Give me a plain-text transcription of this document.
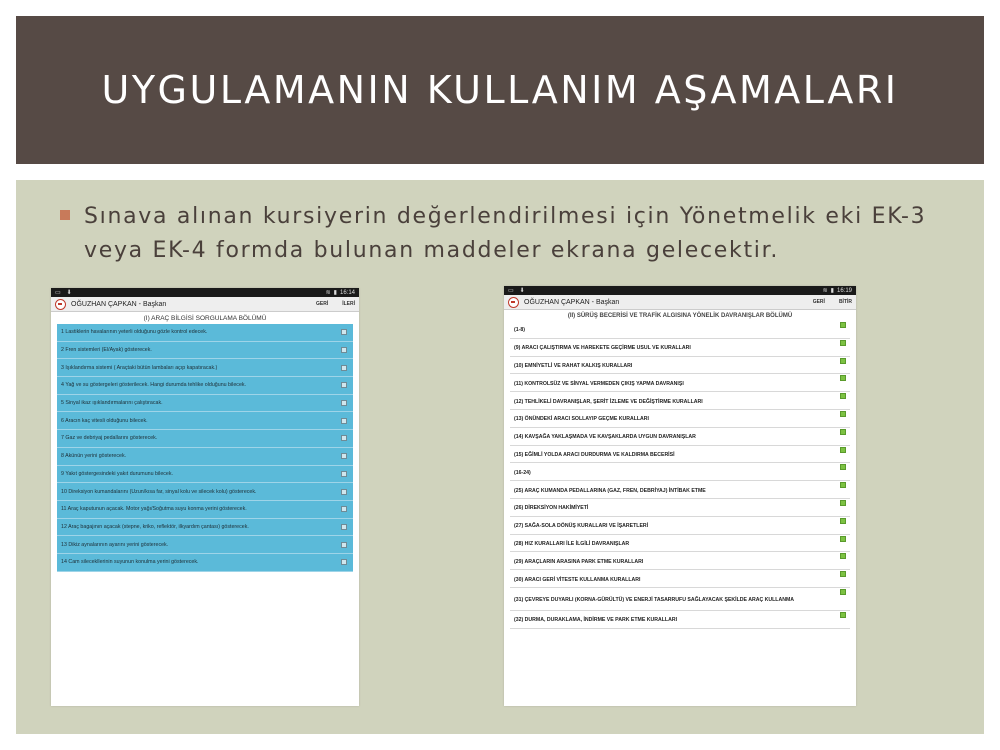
UYGULAMANIN KULLANIM AŞAMALARI

Sınava alınan kursiyerin değerlendirilmesi için Yönetmelik eki EK-3 veya EK-4 formda bulunan maddeler ekrana gelecektir.

▭ ⬇	≋ ▮ 16:14
OĞUZHAN ÇAPKAN - Başkan	GERİ	İLERİ
(I) ARAÇ BİLGİSİ SORGULAMA BÖLÜMÜ
1 Lastiklerin havalarının yeterli olduğunu gözle kontrol edecek.
2 Fren sistemleri (El/Ayak) gösterecek.
3 Işıklandırma sistemi ( Araçtaki bütün lambaları açıp kapatıracak.)
4 Yağ ve su göstergeleri gösterilecek. Hangi durumda tehlike olduğunu bilecek.
5 Sinyal ikaz ışıklandırmalarını çalıştıracak.
6 Aracın kaç vitesli olduğunu bilecek.
7 Gaz ve debriyaj pedallarını gösterecek.
8 Akünün yerini gösterecek.
9 Yakıt göstergesindeki yakıt durumunu bilecek.
10 Direksiyon kumandalarını (Uzun/kısa far, sinyal kolu ve silecek kolu) gösterecek.
11 Araç kaputunun açacak. Motor yağı/Soğutma suyu konma yerini gösterecek.
12 Araç bagajının açacak (stepne, kriko, reflektör, ilkyardım çantası) gösterecek.
13 Dikiz aynalarının ayarını yerini gösterecek.
14 Cam silecekllerinin suyunun konulma yerini gösterecek.
▭ ⬇	≋ ▮ 16:19
OĞUZHAN ÇAPKAN - Başkan	GERİ	BİTİR
(II) SÜRÜŞ BECERİSİ VE TRAFİK ALGISINA YÖNELİK DAVRANIŞLAR BÖLÜMÜ
(1-8)
(9) ARACI ÇALIŞTIRMA VE HAREKETE GEÇİRME USUL VE KURALLARI
(10) EMNİYETLİ VE RAHAT KALKIŞ KURALLARI
(11) KONTROLSÜZ VE SİNYAL VERMEDEN ÇIKIŞ YAPMA DAVRANIŞI
(12) TEHLİKELİ DAVRANIŞLAR, ŞERİT İZLEME VE DEĞİŞTİRME KURALLARI
(13) ÖNÜNDEKİ ARACI SOLLAYIP GEÇME KURALLARI
(14) KAVŞAĞA YAKLAŞMADA VE KAVŞAKLARDA UYGUN DAVRANIŞLAR
(15) EĞİMLİ YOLDA ARACI DURDURMA VE KALDIRMA BECERİSİ
(16-24)
(25) ARAÇ KUMANDA PEDALLARINA (GAZ, FREN, DEBRİYAJ) İNTİBAK ETME
(26) DİREKSİYON HAKİMİYETİ
(27) SAĞA-SOLA DÖNÜŞ KURALLARI VE İŞARETLERİ
(28) HIZ KURALLARI İLE İLGİLİ DAVRANIŞLAR
(29) ARAÇLARIN ARASINA PARK ETME KURALLARI
(30) ARACI GERİ VİTESTE KULLANMA KURALLARI
(31) ÇEVREYE DUYARLI (KORNA-GÜRÜLTÜ) VE ENERJİ TASARRUFU SAĞLAYACAK ŞEKİLDE ARAÇ KULLANMA
(32) DURMA, DURAKLAMA, İNDİRME VE PARK ETME KURALLARI
